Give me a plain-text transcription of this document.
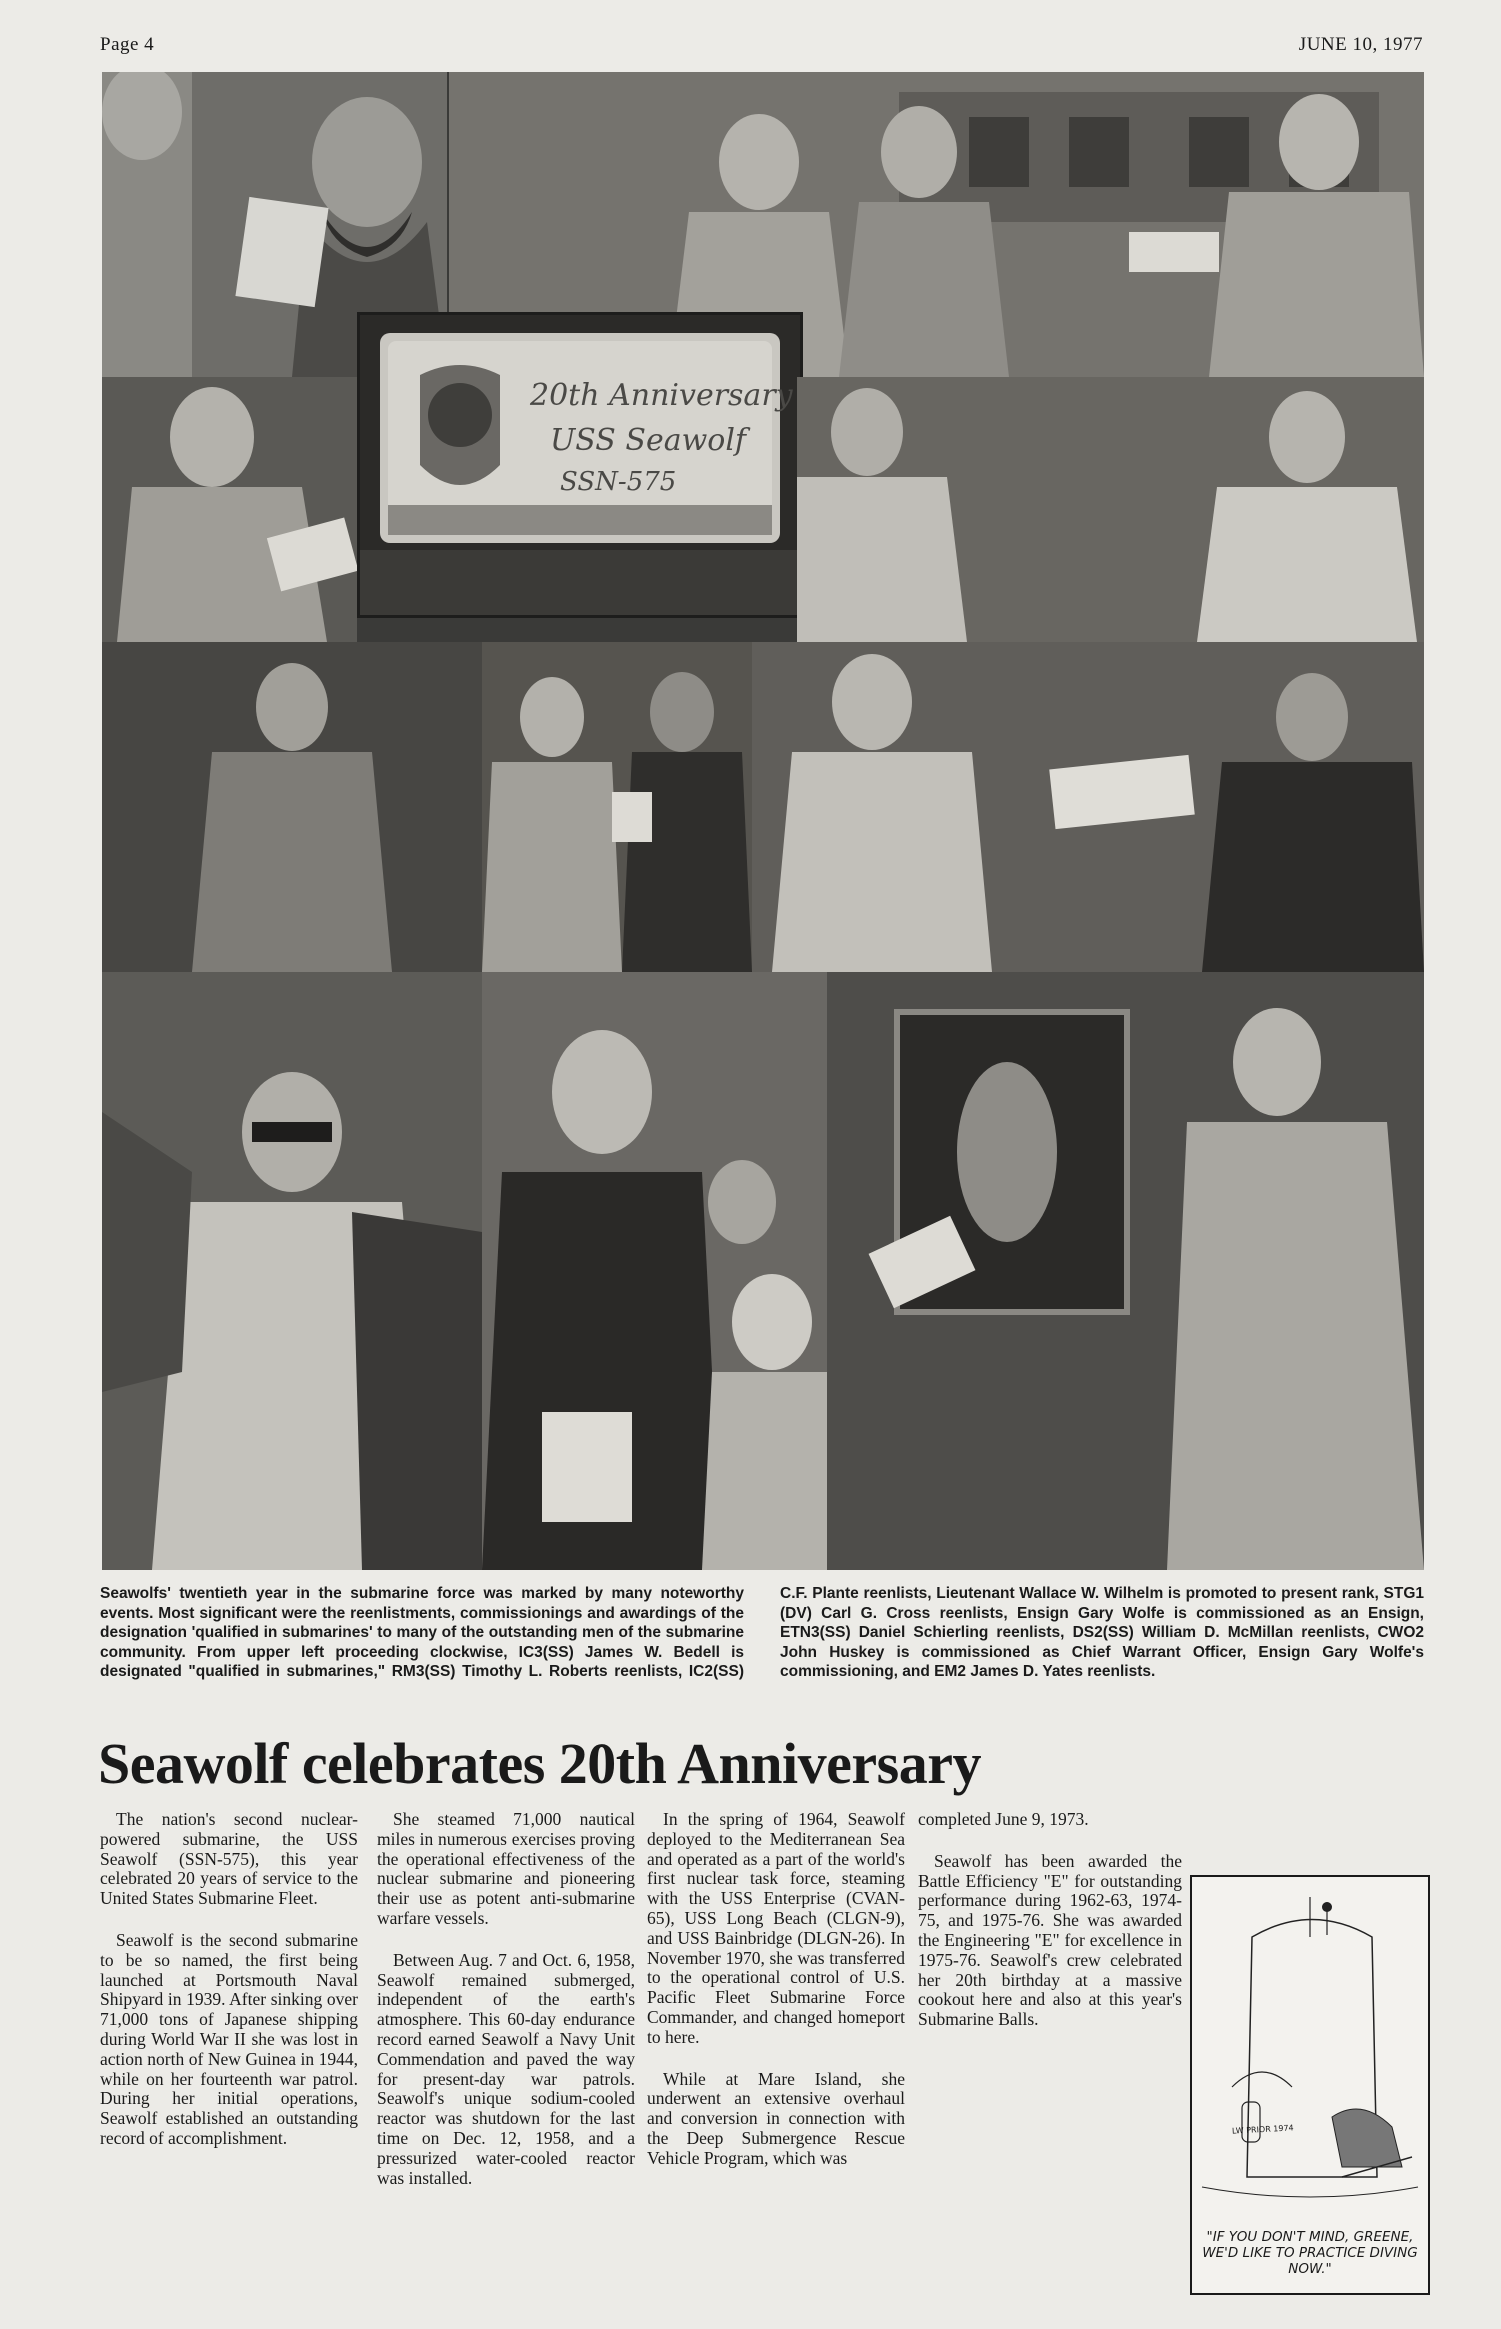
Page 4	JUNE 10, 1977
20th Anniversary
USS Seawolf
SSN-575
Seawolfs' twentieth year in the submarine force was marked by many noteworthy events. Most significant were the reenlistments, commissionings and awardings of the designation 'qualified in submarines' to many of the outstanding men of the submarine community. From upper left proceeding clockwise, IC3(SS) James W. Bedell is designated "qualified in submarines," RM3(SS) Timothy L. Roberts reenlists, IC2(SS) C.F. Plante reenlists, Lieutenant Wallace W. Wilhelm is promoted to present rank, STG1 (DV) Carl G. Cross reenlists, Ensign Gary Wolfe is commissioned as an Ensign, ETN3(SS) Daniel Schierling reenlists, DS2(SS) William D. McMillan reenlists, CWO2 John Huskey is commissioned as Chief Warrant Officer, Ensign Gary Wolfe's commissioning, and EM2 James D. Yates reenlists.
Seawolf celebrates 20th Anniversary

The nation's second nuclear-powered submarine, the USS Seawolf (SSN-575), this year celebrated 20 years of service to the United States Submarine Fleet.

Seawolf is the second submarine to be so named, the first being launched at Portsmouth Naval Shipyard in 1939. After sinking over 71,000 tons of Japanese shipping during World War II she was lost in action north of New Guinea in 1944, while on her fourteenth war patrol. During her initial operations, Seawolf established an outstanding record of accomplishment.

She steamed 71,000 nautical miles in numerous exercises proving the operational effectiveness of the nuclear submarine and pioneering their use as potent anti-submarine warfare vessels.

Between Aug. 7 and Oct. 6, 1958, Seawolf remained submerged, independent of the earth's atmosphere. This 60-day endurance record earned Seawolf a Navy Unit Commendation and paved the way for present-day war patrols. Seawolf's unique sodium-cooled reactor was shutdown for the last time on Dec. 12, 1958, and a pressurized water-cooled reactor was installed.

In the spring of 1964, Seawolf deployed to the Mediterranean Sea and operated as a part of the world's first nuclear task force, steaming with the USS Enterprise (CVAN-65), USS Long Beach (CLGN-9), and USS Bainbridge (DLGN-26). In November 1970, she was transferred to the operational control of U.S. Pacific Fleet Submarine Force Commander, and changed homeport to here.

While at Mare Island, she underwent an extensive overhaul and conversion in connection with the Deep Submergence Rescue Vehicle Program, which was

completed June 9, 1973.

Seawolf has been awarded the Battle Efficiency "E" for outstanding performance during 1962-63, 1974-75, and 1975-76. She was awarded the Engineering "E" for excellence in 1975-76. Seawolf's crew celebrated her 20th birthday at a massive cookout here and also at this year's Submarine Balls.

LW PRIOR 1974
"IF YOU DON'T MIND, GREENE, WE'D LIKE TO PRACTICE DIVING NOW."
